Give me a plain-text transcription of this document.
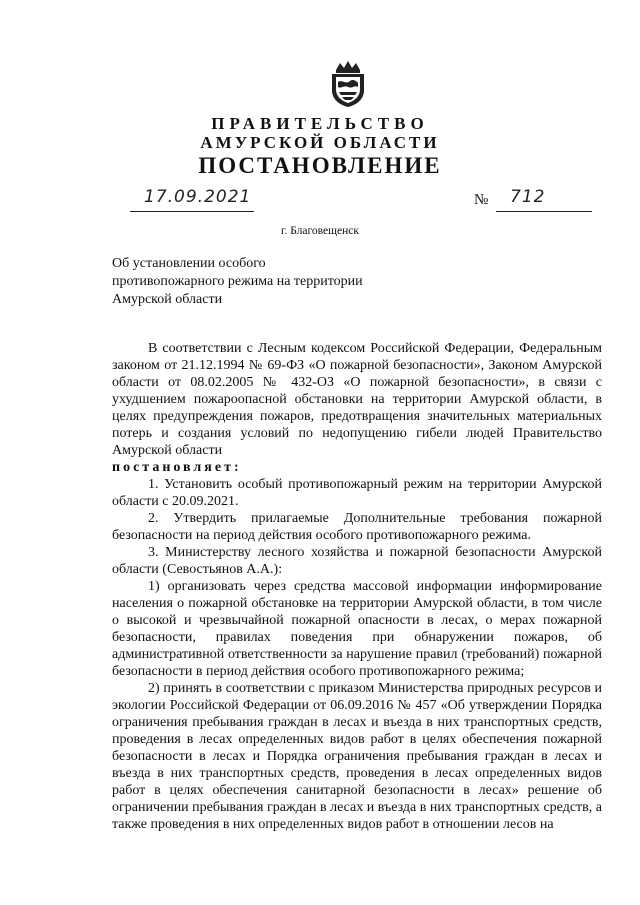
ПРАВИТЕЛЬСТВО
АМУРСКОЙ ОБЛАСТИ
ПОСТАНОВЛЕНИЕ
17.09.2021	№ 712
г. Благовещенск
Об установлении особого противопожарного режима на территории Амурской области

В соответствии с Лесным кодексом Российской Федерации, Федеральным законом от 21.12.1994 № 69-ФЗ «О пожарной безопасности», Законом Амурской области от 08.02.2005 № 432-ОЗ «О пожарной безопасности», в связи с ухудшением пожароопасной обстановки на территории Амурской области, в целях предупреждения пожаров, предотвращения значительных материальных потерь и создания условий по недопущению гибели людей Правительство Амурской области

постановляет:

1. Установить особый противопожарный режим на территории Амурской области с 20.09.2021.

2. Утвердить прилагаемые Дополнительные требования пожарной безопасности на период действия особого противопожарного режима.

3. Министерству лесного хозяйства и пожарной безопасности Амурской области (Севостьянов А.А.):

1) организовать через средства массовой информации информирование населения о пожарной обстановке на территории Амурской области, в том числе о высокой и чрезвычайной пожарной опасности в лесах, о мерах пожарной безопасности, правилах поведения при обнаружении пожаров, об административной ответственности за нарушение правил (требований) пожарной безопасности в период действия особого противопожарного режима;

2) принять в соответствии с приказом Министерства природных ресурсов и экологии Российской Федерации от 06.09.2016 № 457 «Об утверждении Порядка ограничения пребывания граждан в лесах и въезда в них транспортных средств, проведения в лесах определенных видов работ в целях обеспечения пожарной безопасности в лесах и Порядка ограничения пребывания граждан в лесах и въезда в них транспортных средств, проведения в лесах определенных видов работ в целях обеспечения санитарной безопасности в лесах» решение об ограничении пребывания граждан в лесах и въезда в них транспортных средств, а также проведения в них определенных видов работ в отношении лесов на
